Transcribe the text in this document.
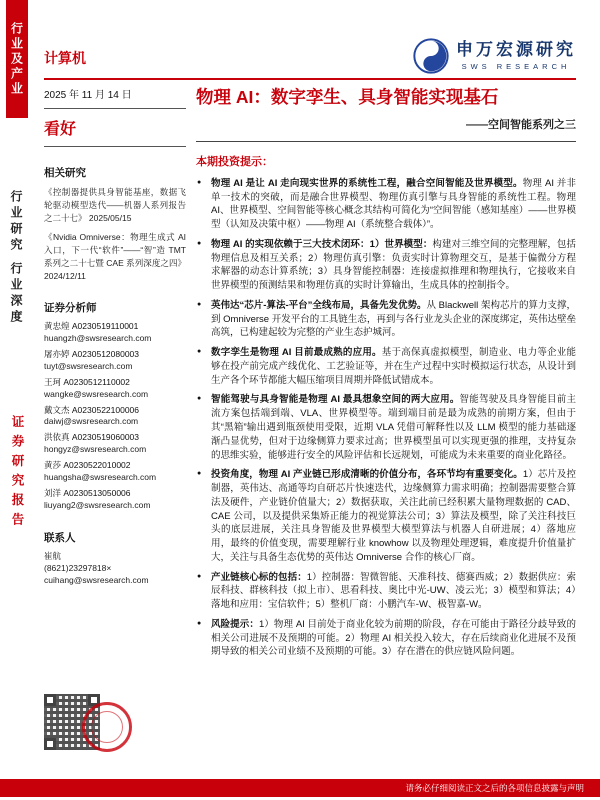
行业及产业
行业研究
行业深度
证券研究报告
计算机	申万宏源研究
SWS RESEARCH
2025 年 11 月 14 日
看好
相关研究

《控制器提供具身智能基座，数据飞轮驱动模型迭代——机器人系列报告之二十七》 2025/05/15

《Nvidia Omniverse：物理生成式 AI 入口，下一代“软件”——“智”造 TMT 系列之二十七暨 CAE 系列深度之四》 2024/12/11

证券分析师
黄忠煌 A0230519110001
huangzh@swsresearch.com
屠亦婷 A0230512080003
tuyt@swsresearch.com
王珂 A0230512110002
wangke@swsresearch.com
戴文杰 A0230522100006
daiwj@swsresearch.com
洪依真 A0230519060003
hongyz@swsresearch.com
黄莎 A0230522010002
huangsha@swsresearch.com
刘洋 A0230513050006
liuyang2@swsresearch.com
联系人
崔航
(8621)23297818×
cuihang@swsresearch.com
物理 AI：数字孪生、具身智能实现基石
——空间智能系列之三
本期投资提示：
● 物理 AI 是让 AI 走向现实世界的系统性工程，融合空间智能及世界模型。物理 AI 并非单一技术的突破，而是融合世界模型、物理仿真引擎与具身智能的系统性工程。物理 AI、世界模型、空间智能等核心概念其结构可简化为“空间智能（感知基座）——世界模型（认知及决策中枢）——物理 AI（系统整合载体）”。
● 物理 AI 的实现依赖于三大技术闭环：1）世界模型：构建对三维空间的完整理解，包括物理信息及相互关系；2）物理仿真引擎：负责实时计算物理交互，是基于偏微分方程求解器的动态计算系统；3）具身智能控制器：连接虚拟推理和物理执行，它接收来自世界模型的预测结果和物理仿真的实时计算输出，生成具体的控制指令。
● 英伟达“芯片-算法-平台”全线布局，具备先发优势。从 Blackwell 架构芯片的算力支撑，到 Omniverse 开发平台的工具链生态，再到与各行业龙头企业的深度绑定，英伟达壁垒高筑，已构建起较为完整的产业生态护城河。
● 数字孪生是物理 AI 目前最成熟的应用。基于高保真虚拟模型，制造业、电力等企业能够在投产前完成产线优化、工艺验证等，并在生产过程中实时模拟运行状态，从设计到生产各个环节都能大幅压缩项目周期并降低试错成本。
● 智能驾驶与具身智能是物理 AI 最具想象空间的两大应用。智能驾驶及具身智能目前主流方案包括端到端、VLA、世界模型等。端到端目前是最为成熟的前期方案，但由于其“黑箱”输出遇到瓶颈使用受限，近期 VLA 凭借可解释性以及 LLM 模型的能力基础逐渐凸显优势，但对于边缘侧算力要求过高；世界模型虽可以实现更强的推理，支持复杂的思维实验，能够进行安全的风险评估和长远规划，可能成为未来重要的商业化路径。
● 投资角度，物理 AI 产业链已形成清晰的价值分布，各环节均有重要变化。1）芯片及控制器，英伟达、高通等均自研芯片快速迭代，边缘侧算力需求明确；控制器需要整合算法及硬件，产业链价值量大；2）数据获取，关注此前已经积累大量物理数据的 CAD、CAE 公司，以及提供采集矫正能力的视觉算法公司；3）算法及模型，除了关注科技巨头的底层进展，关注具身智能及世界模型大模型算法与机器人自研进展；4）落地应用，最终的价值变现，需要理解行业 knowhow 以及物理处理逻辑，难度提升价值量扩大，关注与具备生态优势的英伟达 Omniverse 合作的核心厂商。
● 产业链核心标的包括：1）控制器：智微智能、天准科技、德赛西威；2）数据供应：索辰科技、群核科技（拟上市）、思看科技、奥比中光-UW、凌云光；3）模型和算法；4）落地和应用：宝信软件；5）整机厂商：小鹏汽车-W、极智嘉-W。
● 风险提示：1）物理 AI 目前处于商业化较为前期的阶段，存在可能由于路径分歧导致的相关公司进展不及预期的可能。2）物理 AI 相关投入较大，存在后续商业化进展不及预期导致的相关公司业绩不及预期的可能。3）存在潜在的供应链风险问题。
请务必仔细阅读正文之后的各项信息披露与声明
